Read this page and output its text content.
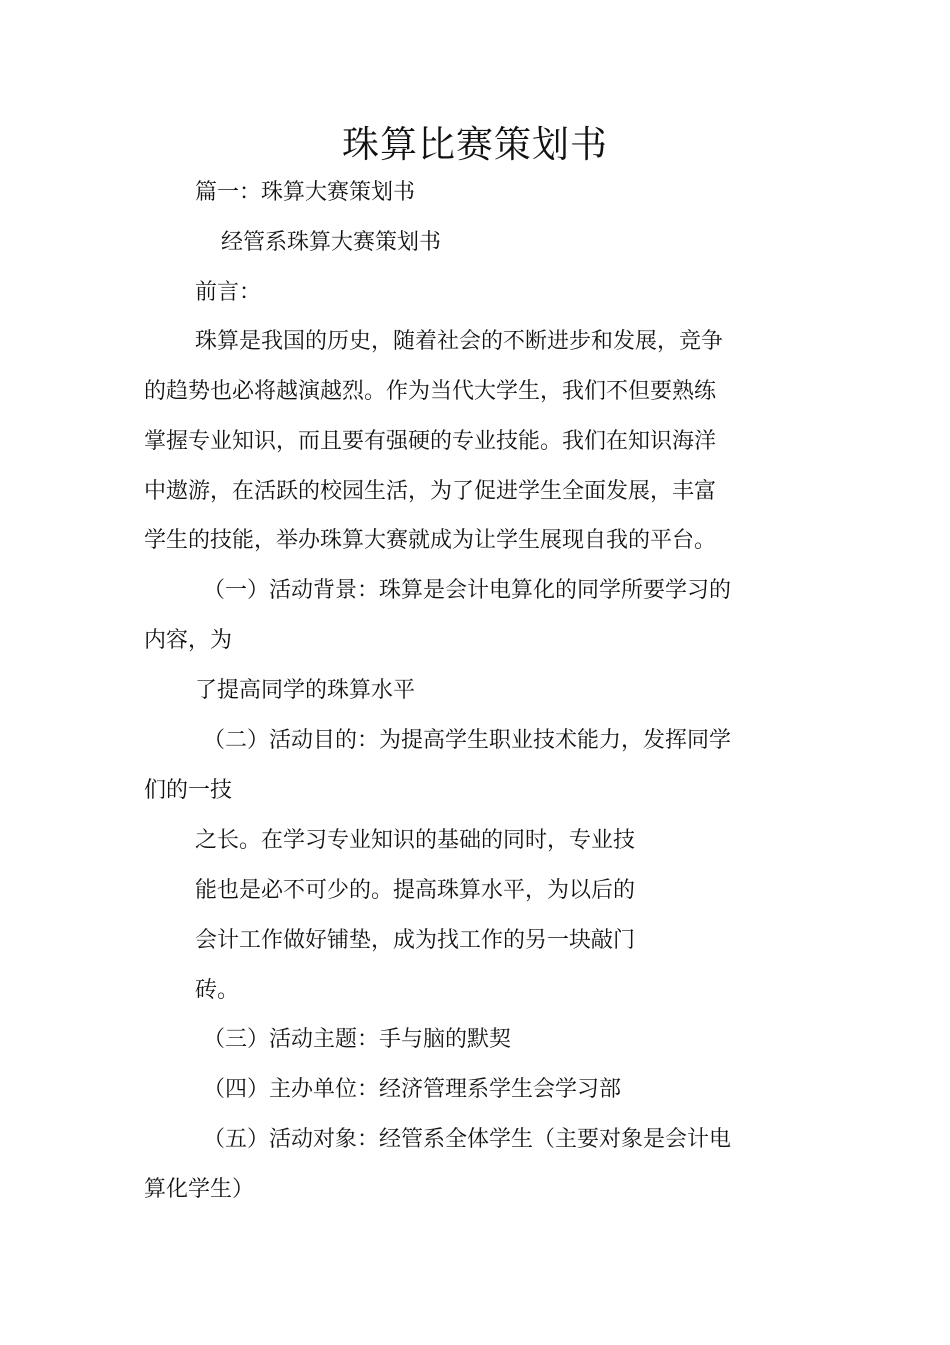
珠算比赛策划书
篇一：珠算大赛策划书
经管系珠算大赛策划书
前言：
珠算是我国的历史，随着社会的不断进步和发展，竞争
的趋势也必将越演越烈。作为当代大学生，我们不但要熟练
掌握专业知识，而且要有强硬的专业技能。我们在知识海洋
中遨游，在活跃的校园生活，为了促进学生全面发展，丰富
学生的技能，举办珠算大赛就成为让学生展现自我的平台。
（一）活动背景：珠算是会计电算化的同学所要学习的
内容，为
了提高同学的珠算水平
（二）活动目的：为提高学生职业技术能力，发挥同学
们的一技
之长。在学习专业知识的基础的同时，专业技
能也是必不可少的。提高珠算水平，为以后的
会计工作做好铺垫，成为找工作的另一块敲门
砖。
（三）活动主题：手与脑的默契
（四）主办单位：经济管理系学生会学习部
（五）活动对象：经管系全体学生（主要对象是会计电
算化学生）
